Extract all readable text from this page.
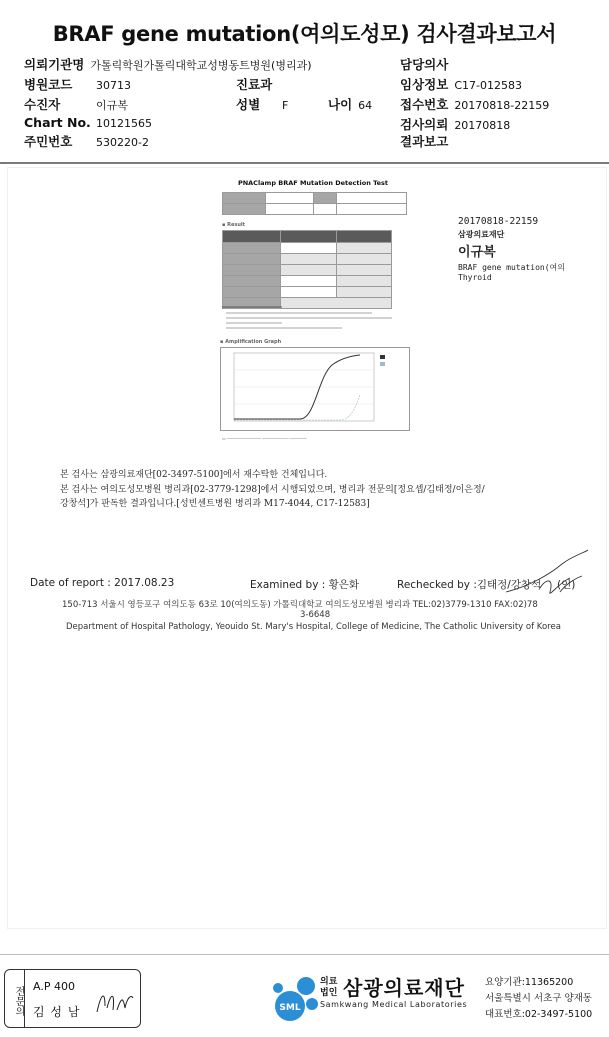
BRAF gene mutation(여의도성모) 검사결과보고서
의뢰기관명 가톨릭학원가톨릭대학교성병동트병원(병리과)	담당의사
병원코드 30713	진료과	임상정보 C17-012583
수진자	이규복	성별 F	나이 64 접수번호 20170818-22159
Chart No. 10121565	검사의뢰 20170818
주민번호 530220-2	결과보고
PNAClamp BRAF Mutation Detection Test

▪ Result

▪ Amplification Graph
▭ ────────────── ─────────── ───────
20170818-22159
삼광의료재단
이규복
BRAF gene mutation(여의
Thyroid
본 검사는 삼광의료재단[02-3497-5100]에서 재수탁한 건체입니다.
본 검사는 여의도성모병원 병리과[02-3779-1298]에서 시행되었으며, 병리과 전문의[정요셉/김태정/이은정/
강창석]가 판독한 결과입니다.[성빈센트병원 병리과 M17-4044, C17-12583]
Date of report : 2017.08.23	Examined by : 황은화	Rechecked by :김태정/강창석 (인)
150-713 서울시 영등포구 여의도동 63로 10(여의도동) 가톨릭대학교 여의도성모병원 병리과 TEL:02)3779-1310 FAX:02)78
3-6648
Department of Hospital Pathology, Yeouido St. Mary's Hospital, College of Medicine, The Catholic University of Korea
전문의 A.P 400
김 성 남	SML
의료
법인 삼광의료재단
Samkwang Medical Laboratories
요양기관:11365200
서울특별시 서초구 양재동
대표번호:02-3497-5100
